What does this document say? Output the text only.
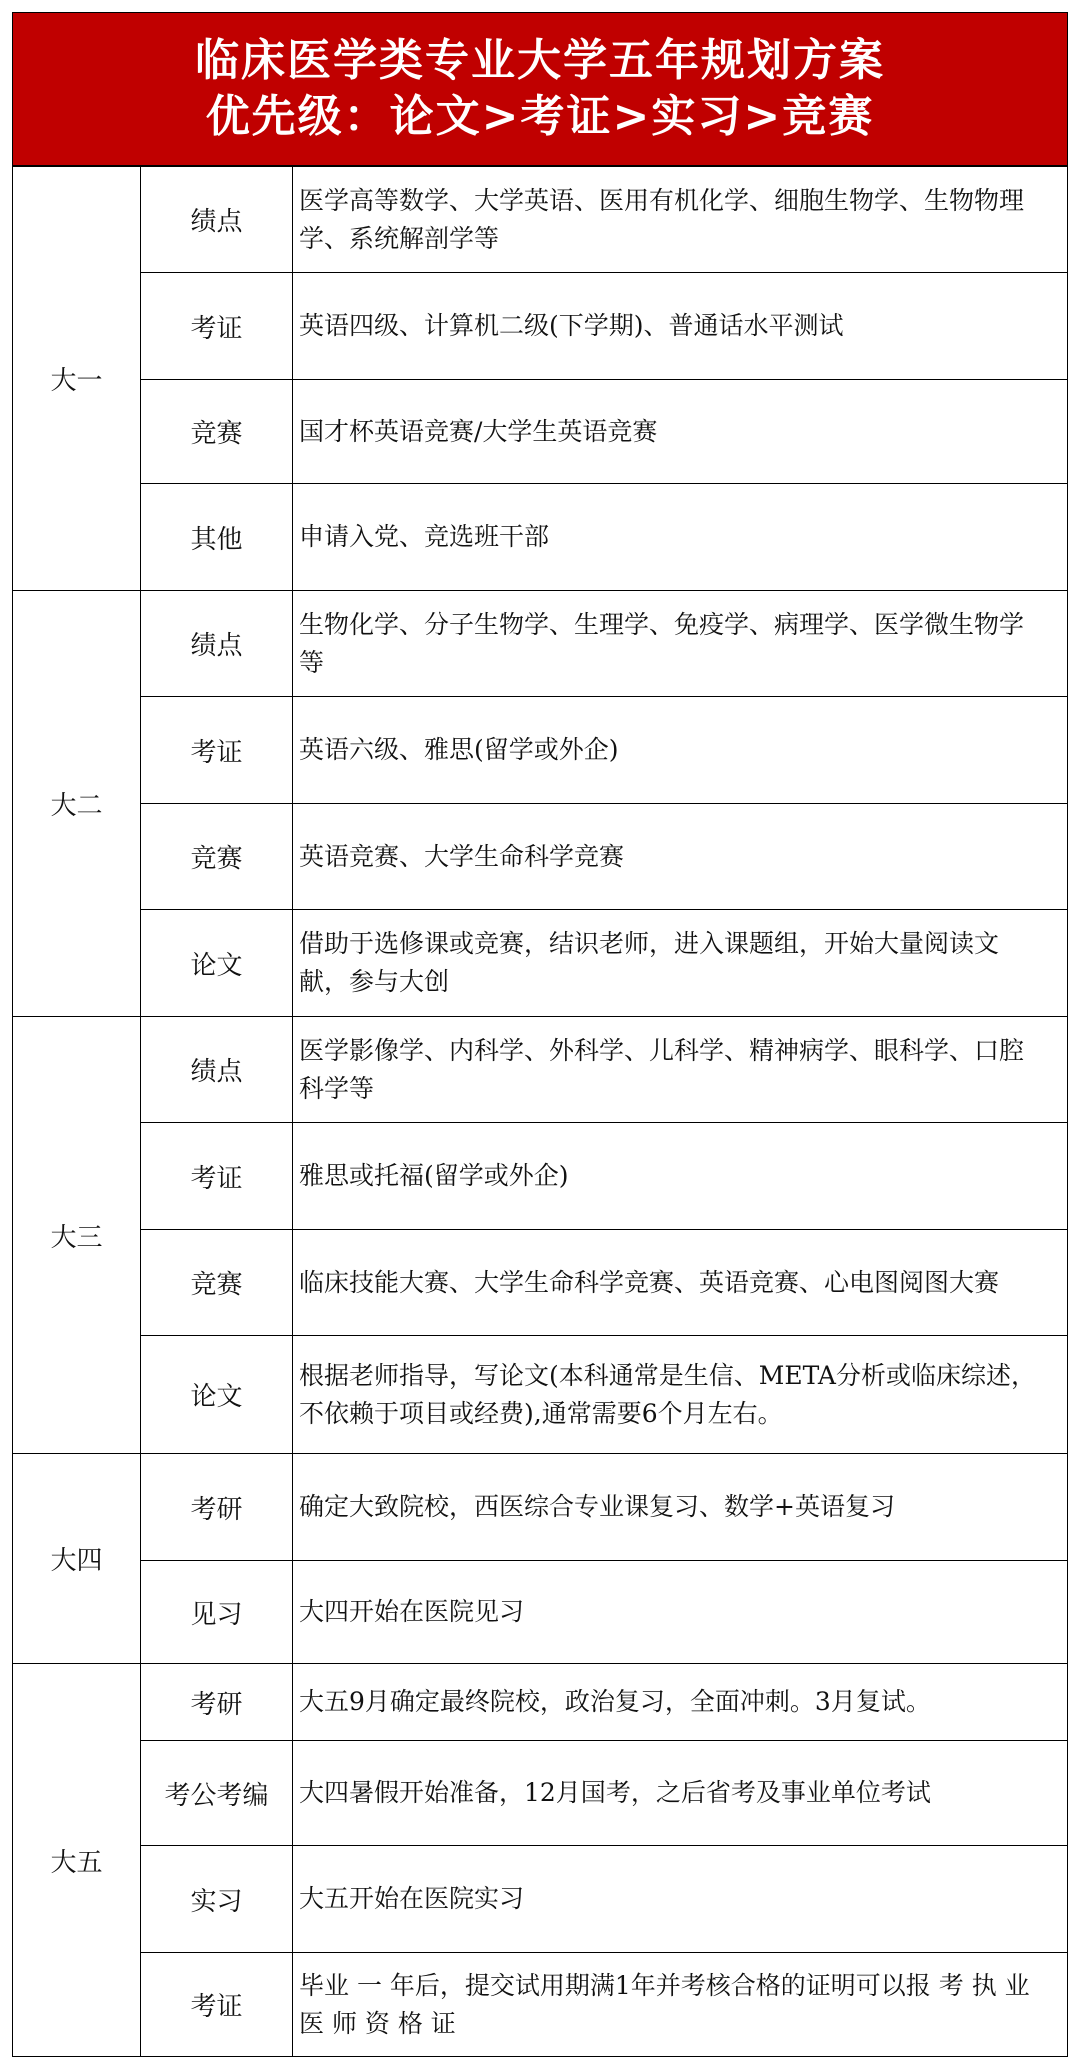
临床医学类专业大学五年规划方案
优先级：论文>考证>实习>竞赛
大一	绩点	医学高等数学、大学英语、医用有机化学、细胞生物学、生物物理学、系统解剖学等
	考证	英语四级、计算机二级(下学期)、普通话水平测试
	竞赛	国才杯英语竞赛/大学生英语竞赛
	其他	申请入党、竞选班干部
大二	绩点	生物化学、分子生物学、生理学、免疫学、病理学、医学微生物学等
	考证	英语六级、雅思(留学或外企)
	竞赛	英语竞赛、大学生命科学竞赛
	论文	借助于选修课或竞赛，结识老师，进入课题组，开始大量阅读文献，参与大创
大三	绩点	医学影像学、内科学、外科学、儿科学、精神病学、眼科学、口腔科学等
	考证	雅思或托福(留学或外企)
	竞赛	临床技能大赛、大学生命科学竞赛、英语竞赛、心电图阅图大赛
	论文	根据老师指导，写论文(本科通常是生信、META分析或临床综述，不依赖于项目或经费),通常需要6个月左右。
大四	考研	确定大致院校，西医综合专业课复习、数学+英语复习
	见习	大四开始在医院见习
大五	考研	大五9月确定最终院校，政治复习，全面冲刺。3月复试。
	考公考编	大四暑假开始准备，12月国考，之后省考及事业单位考试
	实习	大五开始在医院实习
	考证	毕业 一 年后，提交试用期满1年并考核合格的证明可以报 考 执 业 医 师 资 格 证
